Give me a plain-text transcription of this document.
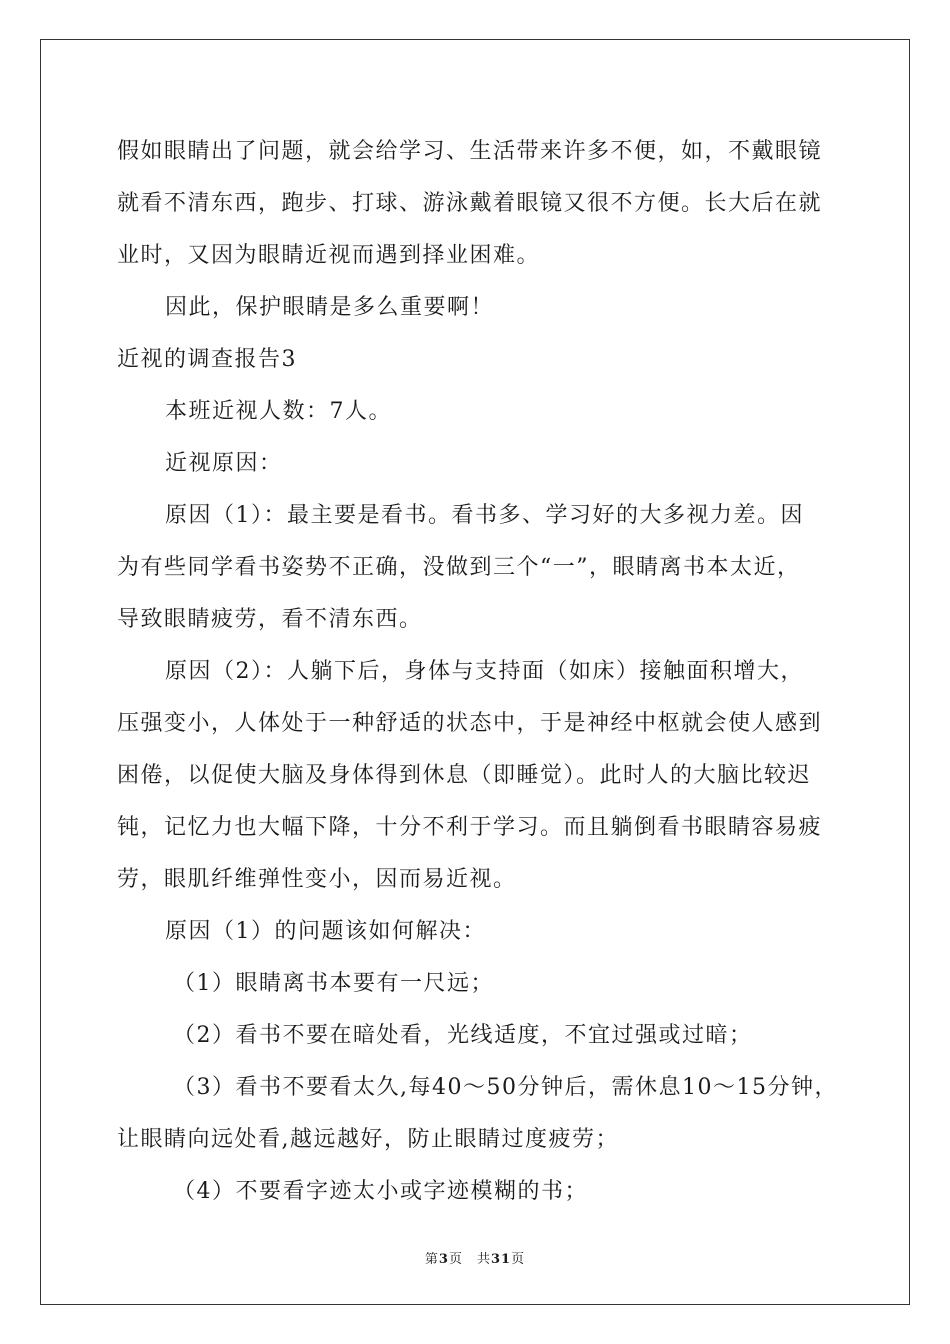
假如眼睛出了问题，就会给学习、生活带来许多不便，如，不戴眼镜
就看不清东西，跑步、打球、游泳戴着眼镜又很不方便。长大后在就
业时，又因为眼睛近视而遇到择业困难。

因此，保护眼睛是多么重要啊！

近视的调查报告3

本班近视人数：7人。

近视原因：

原因（1）：最主要是看书。看书多、学习好的大多视力差。因
为有些同学看书姿势不正确，没做到三个“一”，眼睛离书本太近，
导致眼睛疲劳，看不清东西。

原因（2）：人躺下后，身体与支持面（如床）接触面积增大，
压强变小，人体处于一种舒适的状态中，于是神经中枢就会使人感到
困倦，以促使大脑及身体得到休息（即睡觉）。此时人的大脑比较迟
钝，记忆力也大幅下降，十分不利于学习。而且躺倒看书眼睛容易疲
劳，眼肌纤维弹性变小，因而易近视。

原因（1）的问题该如何解决：

（1）眼睛离书本要有一尺远；

（2）看书不要在暗处看，光线适度，不宜过强或过暗；

（3）看书不要看太久,每40～50分钟后，需休息10～15分钟，
让眼睛向远处看,越远越好，防止眼睛过度疲劳；

（4）不要看字迹太小或字迹模糊的书；

第3页 共31页
